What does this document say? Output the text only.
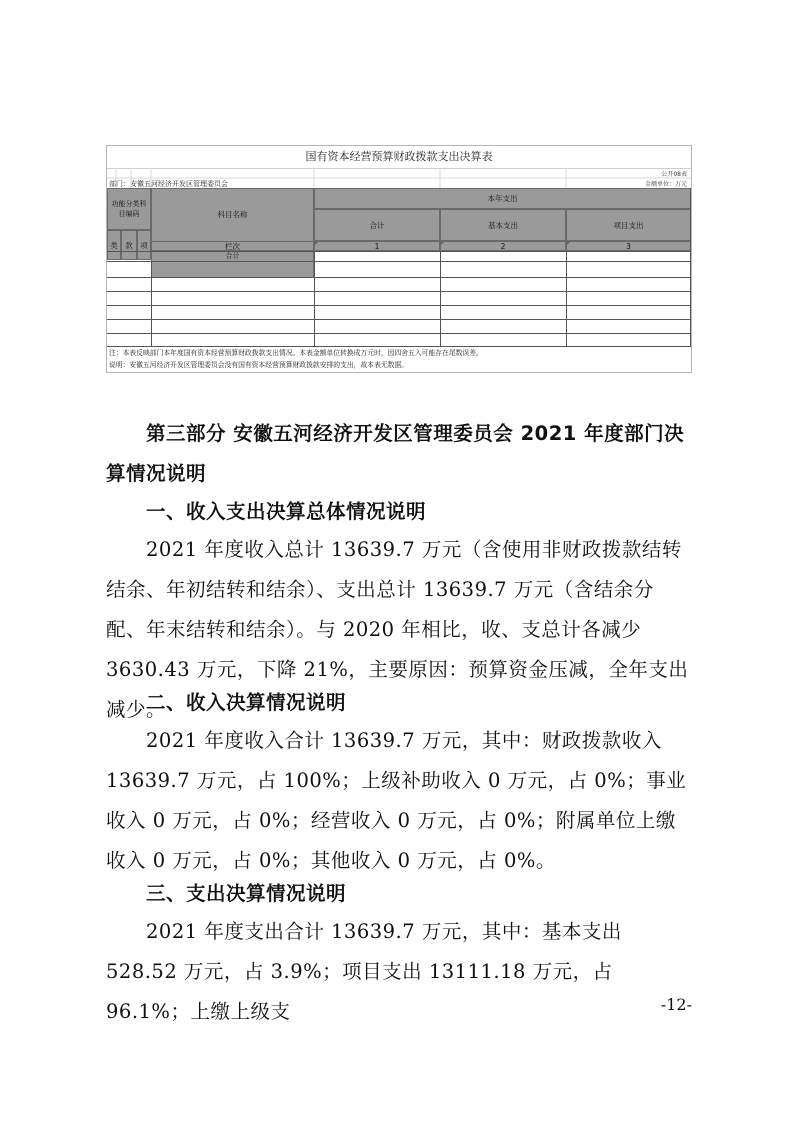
国有资本经营预算财政拨款支出决算表
公开08表
部门：安徽五河经济开发区管理委员会	金额单位：万元
功能分类科目编码	科目名称
本年支出
合计	基本支出	项目支出
类	款	项	栏次	1	2	3
合计
注：本表反映部门本年度国有资本经营预算财政拨款支出情况。本表金额单位转换成万元时，因四舍五入可能存在尾数误差。
说明：安徽五河经济开发区管理委员会没有国有资本经营预算财政拨款安排的支出，故本表无数据。

第三部分 安徽五河经济开发区管理委员会 2021 年度部门决算情况说明

一、收入支出决算总体情况说明

2021 年度收入总计 13639.7 万元（含使用非财政拨款结转结余、年初结转和结余）、支出总计 13639.7 万元（含结余分配、年末结转和结余）。与 2020 年相比，收、支总计各减少 3630.43 万元，下降 21%，主要原因：预算资金压减，全年支出减少。

二、收入决算情况说明

2021 年度收入合计 13639.7 万元，其中：财政拨款收入 13639.7 万元，占 100%；上级补助收入 0 万元，占 0%；事业收入 0 万元，占 0%；经营收入 0 万元，占 0%；附属单位上缴收入 0 万元，占 0%；其他收入 0 万元，占 0%。

三、支出决算情况说明

2021 年度支出合计 13639.7 万元，其中：基本支出 528.52 万元，占 3.9%；项目支出 13111.18 万元，占 96.1%；上缴上级支	-12-
